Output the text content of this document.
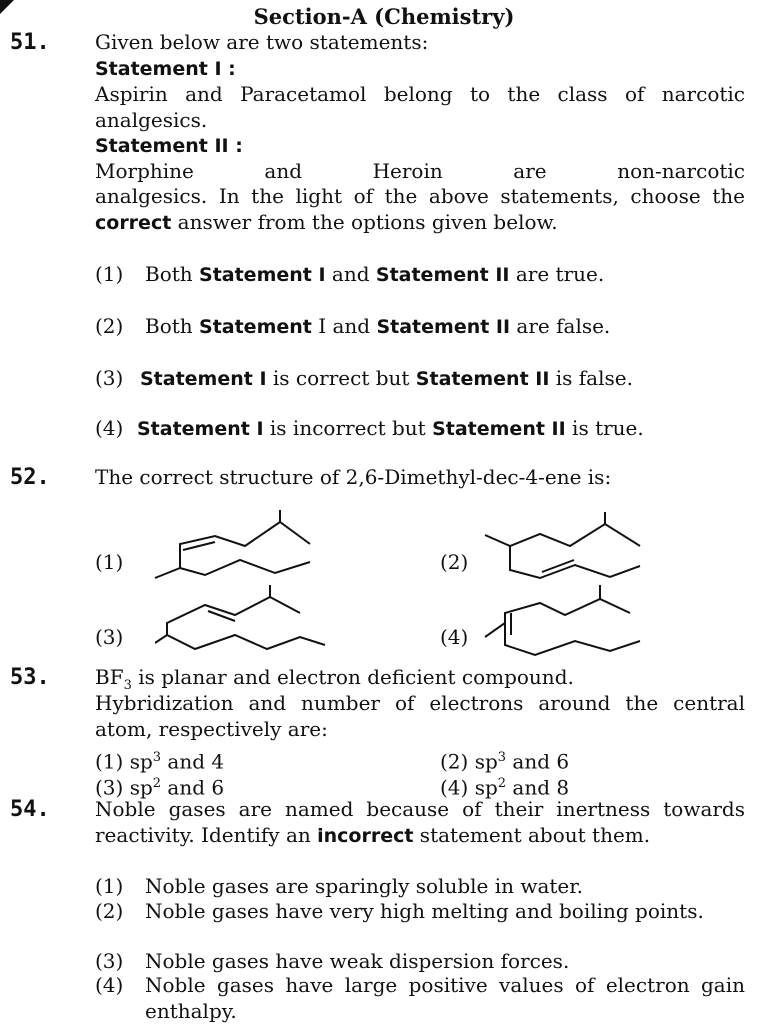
Section-A (Chemistry)
51. Given below are two statements:
Statement I :
Aspirin and Paracetamol belong to the class of narcotic analgesics.
Statement II :
Morphine and Heroin are non-narcotic
analgesics. In the light of the above statements, choose the correct answer from the options given below.
(1) Both Statement I and Statement II are true.
(2) Both Statement I and Statement II are false.
(3) Statement I is correct but Statement II is false.
(4) Statement I is incorrect but Statement II is true.
52. The correct structure of 2,6-Dimethyl-dec-4-ene is:
(1)	(2)
(3)	(4)
53. $BF_3$ is planar and electron deficient compound.
Hybridization and number of electrons around the central atom, respectively are:
(1) $sp^3$ and 4	(2) $sp^3$ and 6
(3) $sp^2$ and 6	(4) $sp^2$ and 8
54. Noble gases are named because of their inertness towards reactivity. Identify an incorrect statement about them.
(1) Noble gases are sparingly soluble in water.
(2) Noble gases have very high melting and boiling points.
(3) Noble gases have weak dispersion forces.
(4) Noble gases have large positive values of electron gain enthalpy.
